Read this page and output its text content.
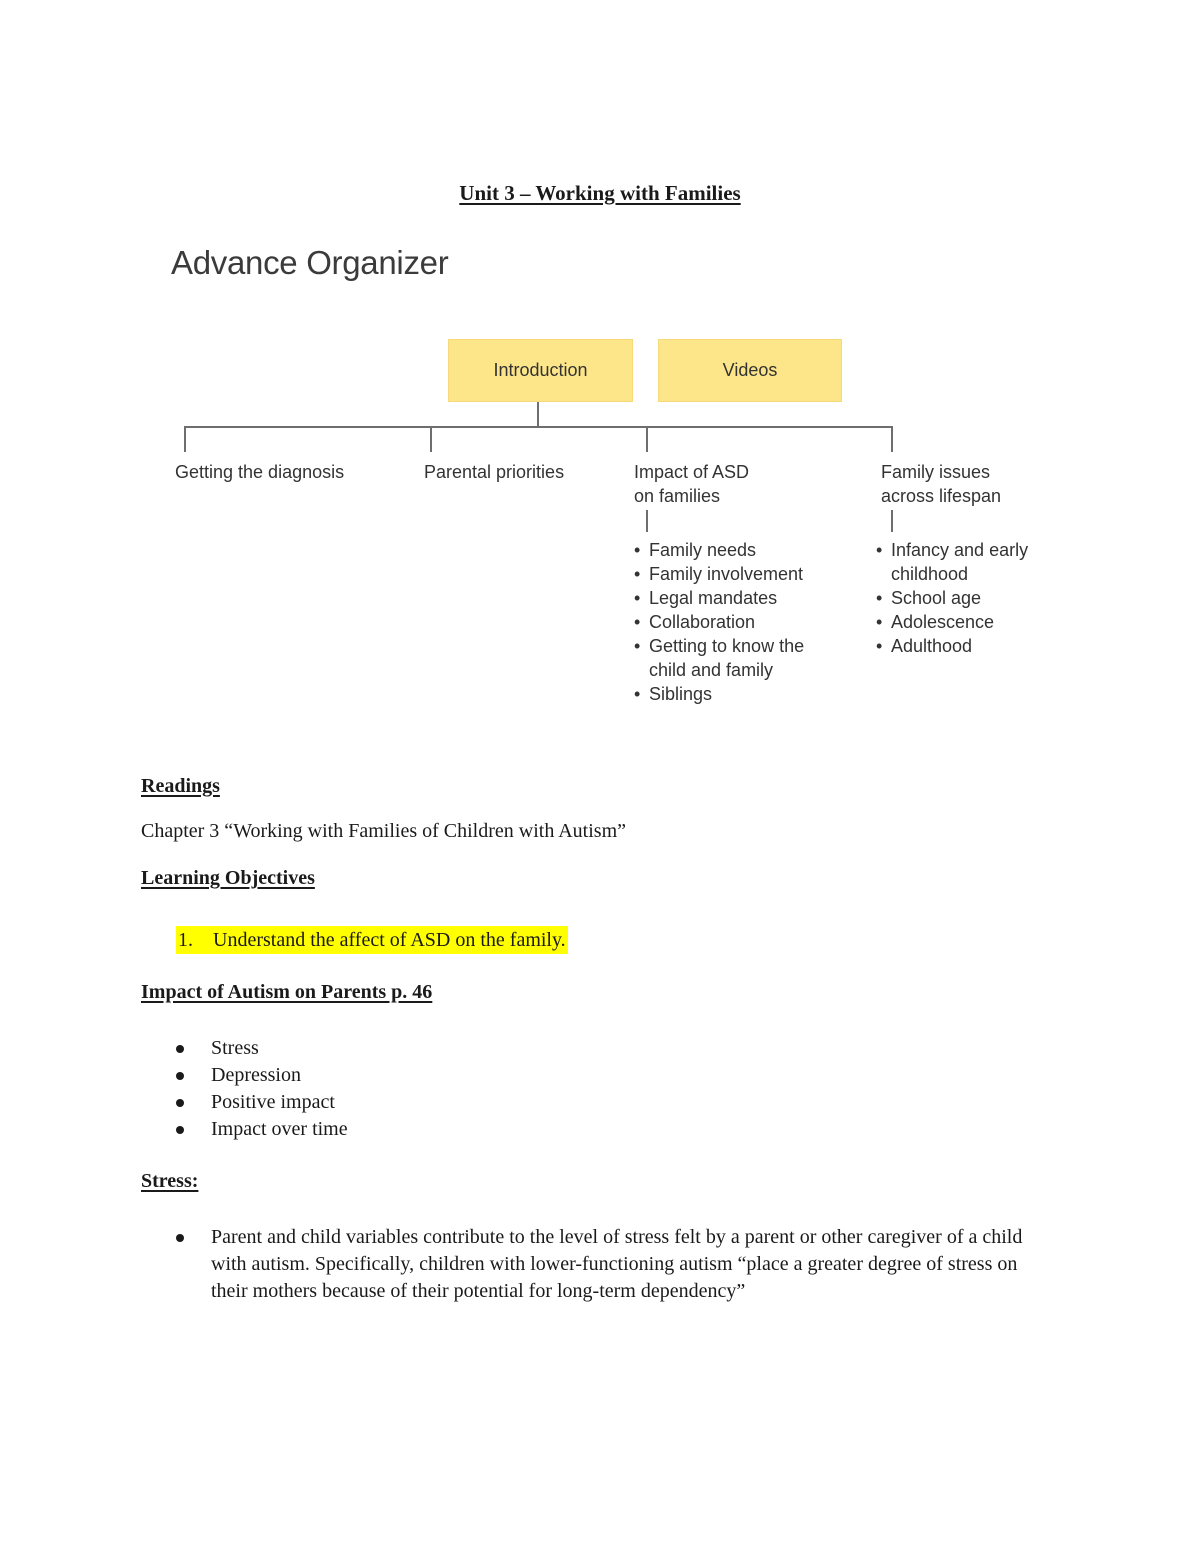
Unit 3 – Working with Families
Advance Organizer
Introduction	Videos
Getting the diagnosis	Parental priorities	Impact of ASD
on families
Family issues
across lifespan
• Family needs
• Family involvement
• Legal mandates
• Collaboration
• Getting to know the
child and family
• Siblings
• Infancy and early
childhood
• School age
• Adolescence
• Adulthood
Readings
Chapter 3 “Working with Families of Children with Autism”
Learning Objectives
1. Understand the affect of ASD on the family.
Impact of Autism on Parents p. 46
Stress
Depression
Positive impact
Impact over time
Stress:
Parent and child variables contribute to the level of stress felt by a parent or other caregiver of a child with autism. Specifically, children with lower-functioning autism “place a greater degree of stress on their mothers because of their potential for long-term dependency”
